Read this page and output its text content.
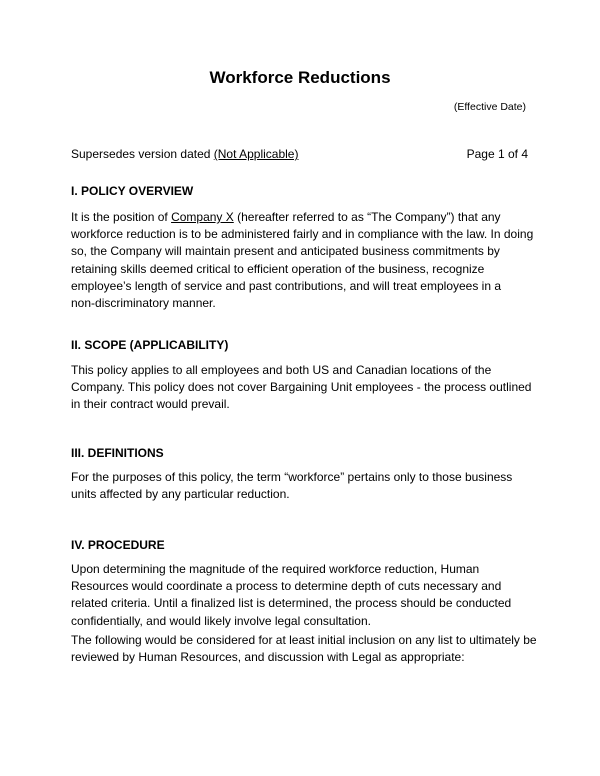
Workforce Reductions
(Effective Date)
Supersedes version dated (Not Applicable)	Page 1 of 4
I. POLICY OVERVIEW
It is the position of Company X (hereafter referred to as “The Company”) that any
workforce reduction is to be administered fairly and in compliance with the law. In doing
so, the Company will maintain present and anticipated business commitments by
retaining skills deemed critical to efficient operation of the business, recognize
employee’s length of service and past contributions, and will treat employees in a
non-discriminatory manner.
II. SCOPE (APPLICABILITY)
This policy applies to all employees and both US and Canadian locations of the
Company. This policy does not cover Bargaining Unit employees - the process outlined
in their contract would prevail.
III. DEFINITIONS
For the purposes of this policy, the term “workforce” pertains only to those business
units affected by any particular reduction.
IV. PROCEDURE
Upon determining the magnitude of the required workforce reduction, Human
Resources would coordinate a process to determine depth of cuts necessary and
related criteria. Until a finalized list is determined, the process should be conducted
confidentially, and would likely involve legal consultation.
The following would be considered for at least initial inclusion on any list to ultimately be
reviewed by Human Resources, and discussion with Legal as appropriate:
